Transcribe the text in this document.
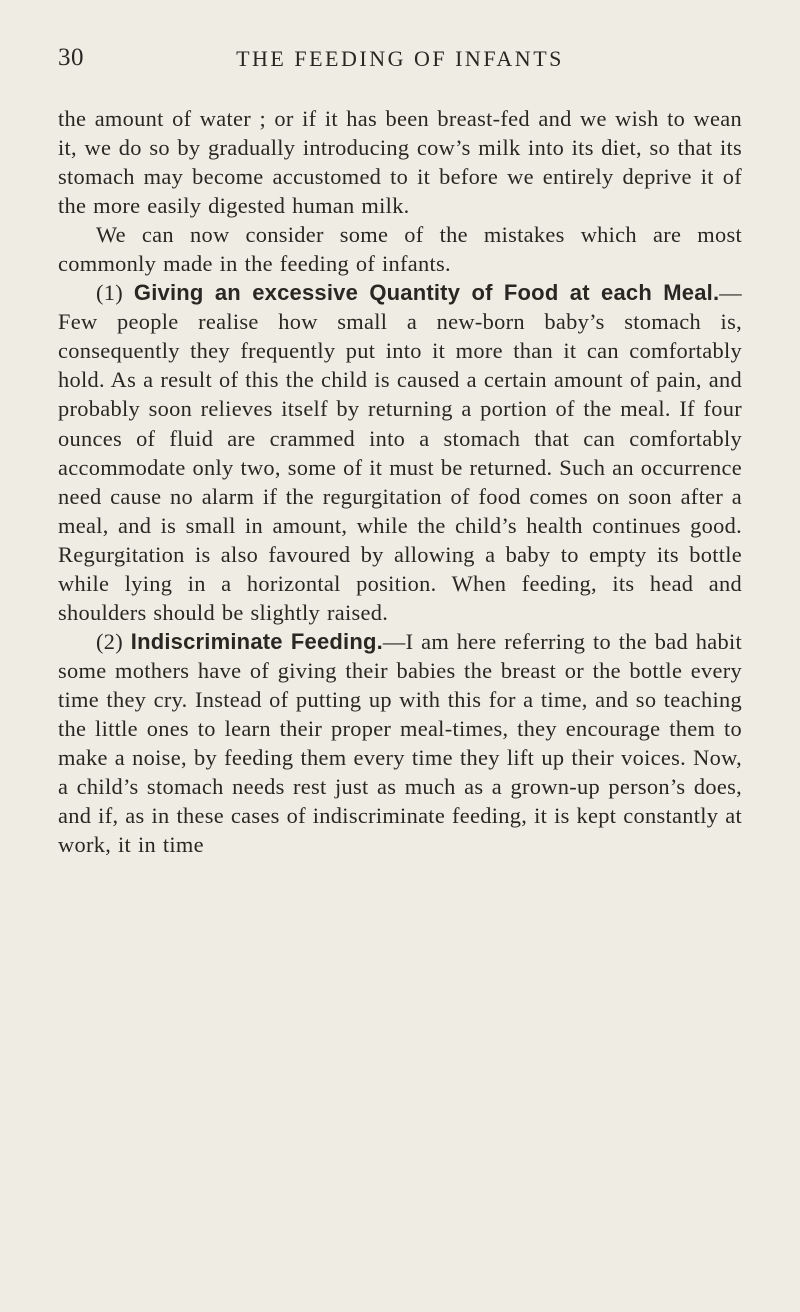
30	THE FEEDING OF INFANTS

the amount of water ; or if it has been breast-fed and we wish to wean it, we do so by gradually introducing cow’s milk into its diet, so that its stomach may become accustomed to it before we entirely deprive it of the more easily digested human milk.

We can now consider some of the mistakes which are most commonly made in the feeding of infants.

(1) Giving an excessive Quantity of Food at each Meal.—Few people realise how small a new-born baby’s stomach is, consequently they frequently put into it more than it can comfortably hold. As a result of this the child is caused a certain amount of pain, and probably soon relieves itself by returning a portion of the meal. If four ounces of fluid are crammed into a stomach that can comfortably accommodate only two, some of it must be returned. Such an occurrence need cause no alarm if the regurgitation of food comes on soon after a meal, and is small in amount, while the child’s health continues good. Regurgitation is also favoured by allowing a baby to empty its bottle while lying in a horizontal position. When feeding, its head and shoulders should be slightly raised.

(2) Indiscriminate Feeding.—I am here referring to the bad habit some mothers have of giving their babies the breast or the bottle every time they cry. Instead of putting up with this for a time, and so teaching the little ones to learn their proper meal-times, they encourage them to make a noise, by feeding them every time they lift up their voices. Now, a child’s stomach needs rest just as much as a grown-up person’s does, and if, as in these cases of indiscriminate feeding, it is kept constantly at work, it in time
